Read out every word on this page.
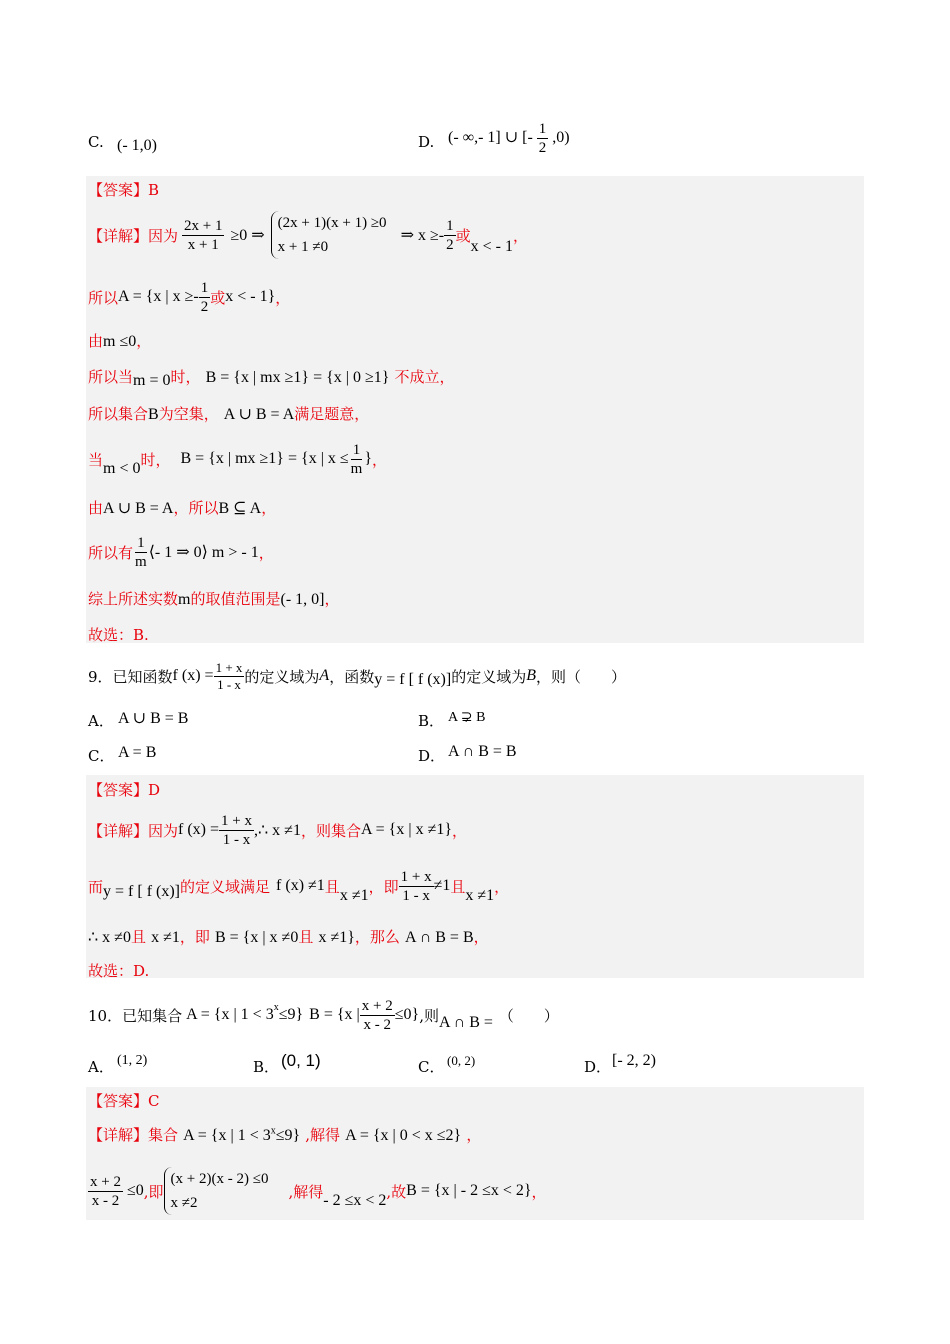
C. (- 1,0)	D. (- ∞,- 1] ∪ [- $\frac{1}{2} ,0$)
【答案】B
【详解】因为 $\frac{2x + 1}{x + 1} \ge 0$ ⇒
(2x + 1)(x + 1) ≥0
x + 1 ≠0
⇒ $x \ge- \frac{1}{2}$ 或
x < - 1
，
所以 A = {x | $x \ge- \frac{1}{2}$ 或 x < - 1} ，
由m ≤0，
所以当m = 0时， B = {x | mx ≥1} = {x | 0 ≥1} 不成立，
所以集合B为空集， A ∪ B = A满足题意，
当 m < 0 时， B = {x | mx ≥1} = {x | $x \le \frac{1}{m}$ } ，
由A ∪ B = A，所以B ⊆ A，
所以有 $\frac{1}{m}$ ⟨- 1 ⇒ 0⟩ m > - 1 ，
综上所述实数m的取值范围是(- 1, 0]，
故选：B.
9．已知函数 f $(x) = \frac{1 + x}{1 - x}$ 的定义域为 A ，函数 y = f [ f (x)] 的定义域为 B ，则（　　）
A． A ∪ B = B	B． A ⊋ B
C． A = B	D． A ∩ B = B
【答案】D
【详解】因为 f $(x) = \frac{1 + x}{1 - x}$ ,∴ x ≠1 ，则集合 A = {x | x ≠1} ，
而 y = f [ f (x)] 的定义域满足 f (x) ≠1 且 x ≠1 ，即 $\frac{1 + x}{1 - x} \ne 1$ 且 x ≠1 ，
∴ x ≠0且 x ≠1，即 B = {x | x ≠0且 x ≠1}，那么 A ∩ B = B，
故选：D.
10．已知集合 A = {x | $1 < 3^x \le 9$} B = {x | $\frac{x + 2}{x - 2} \le 0$} ,则 A ∩ B = （　　）
A． (1, 2)	B． (0, 1)	C． (0, 2)	D． [- 2, 2)
【答案】C
【详解】集合 A = {x | $1 < 3^x\le 9$} ,解得 A = {x | 0 < x ≤2} ，
$\frac{x + 2}{x - 2} \le 0$ ,即
(x + 2)(x - 2) ≤0
x ≠2
,解得 - 2 ≤x < 2 ,故 B = {x | - 2 ≤x < 2} ，
